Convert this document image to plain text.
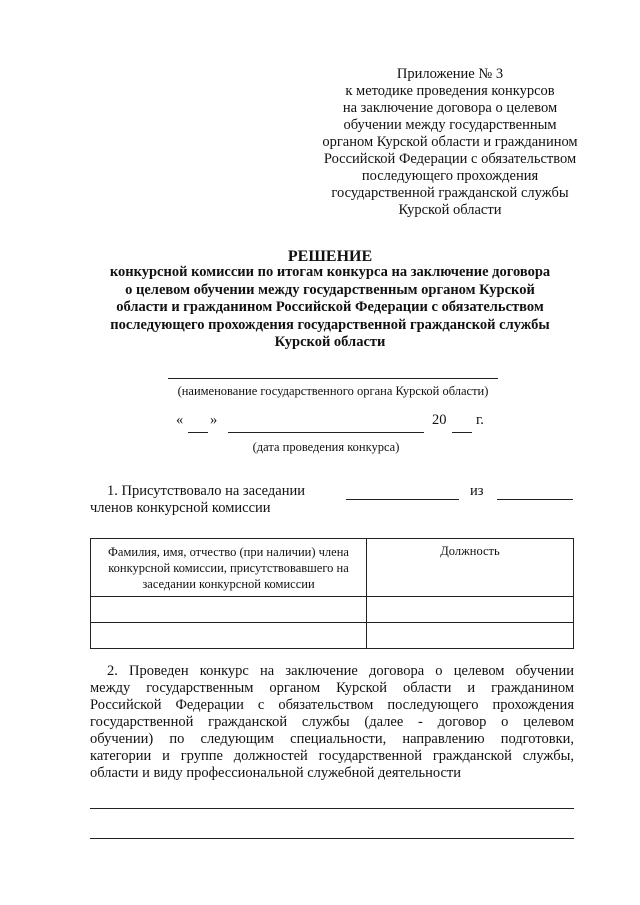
Приложение № 3
к методике проведения конкурсов
на заключение договора о целевом
обучении между государственным
органом Курской области и гражданином
Российской Федерации с обязательством
последующего прохождения
государственной гражданской службы
Курской области
РЕШЕНИЕ
конкурсной комиссии по итогам конкурса на заключение договора
о целевом обучении между государственным органом Курской
области и гражданином Российской Федерации с обязательством
последующего прохождения государственной гражданской службы
Курской области
(наименование государственного органа Курской области)
« »	20 г.
(дата проведения конкурса)
1. Присутствовало на заседании	из
членов конкурсной комиссии
Фамилия, имя, отчество (при наличии) члена
конкурсной комиссии, присутствовавшего на
заседании конкурсной комиссии	Должность

2. Проведен конкурс на заключение договора о целевом обучении
между государственным органом Курской области и гражданином
Российской Федерации с обязательством последующего прохождения
государственной гражданской службы (далее - договор о целевом
обучении) по следующим специальности, направлению подготовки,
категории и группе должностей государственной гражданской службы,
области и виду профессиональной служебной деятельности
